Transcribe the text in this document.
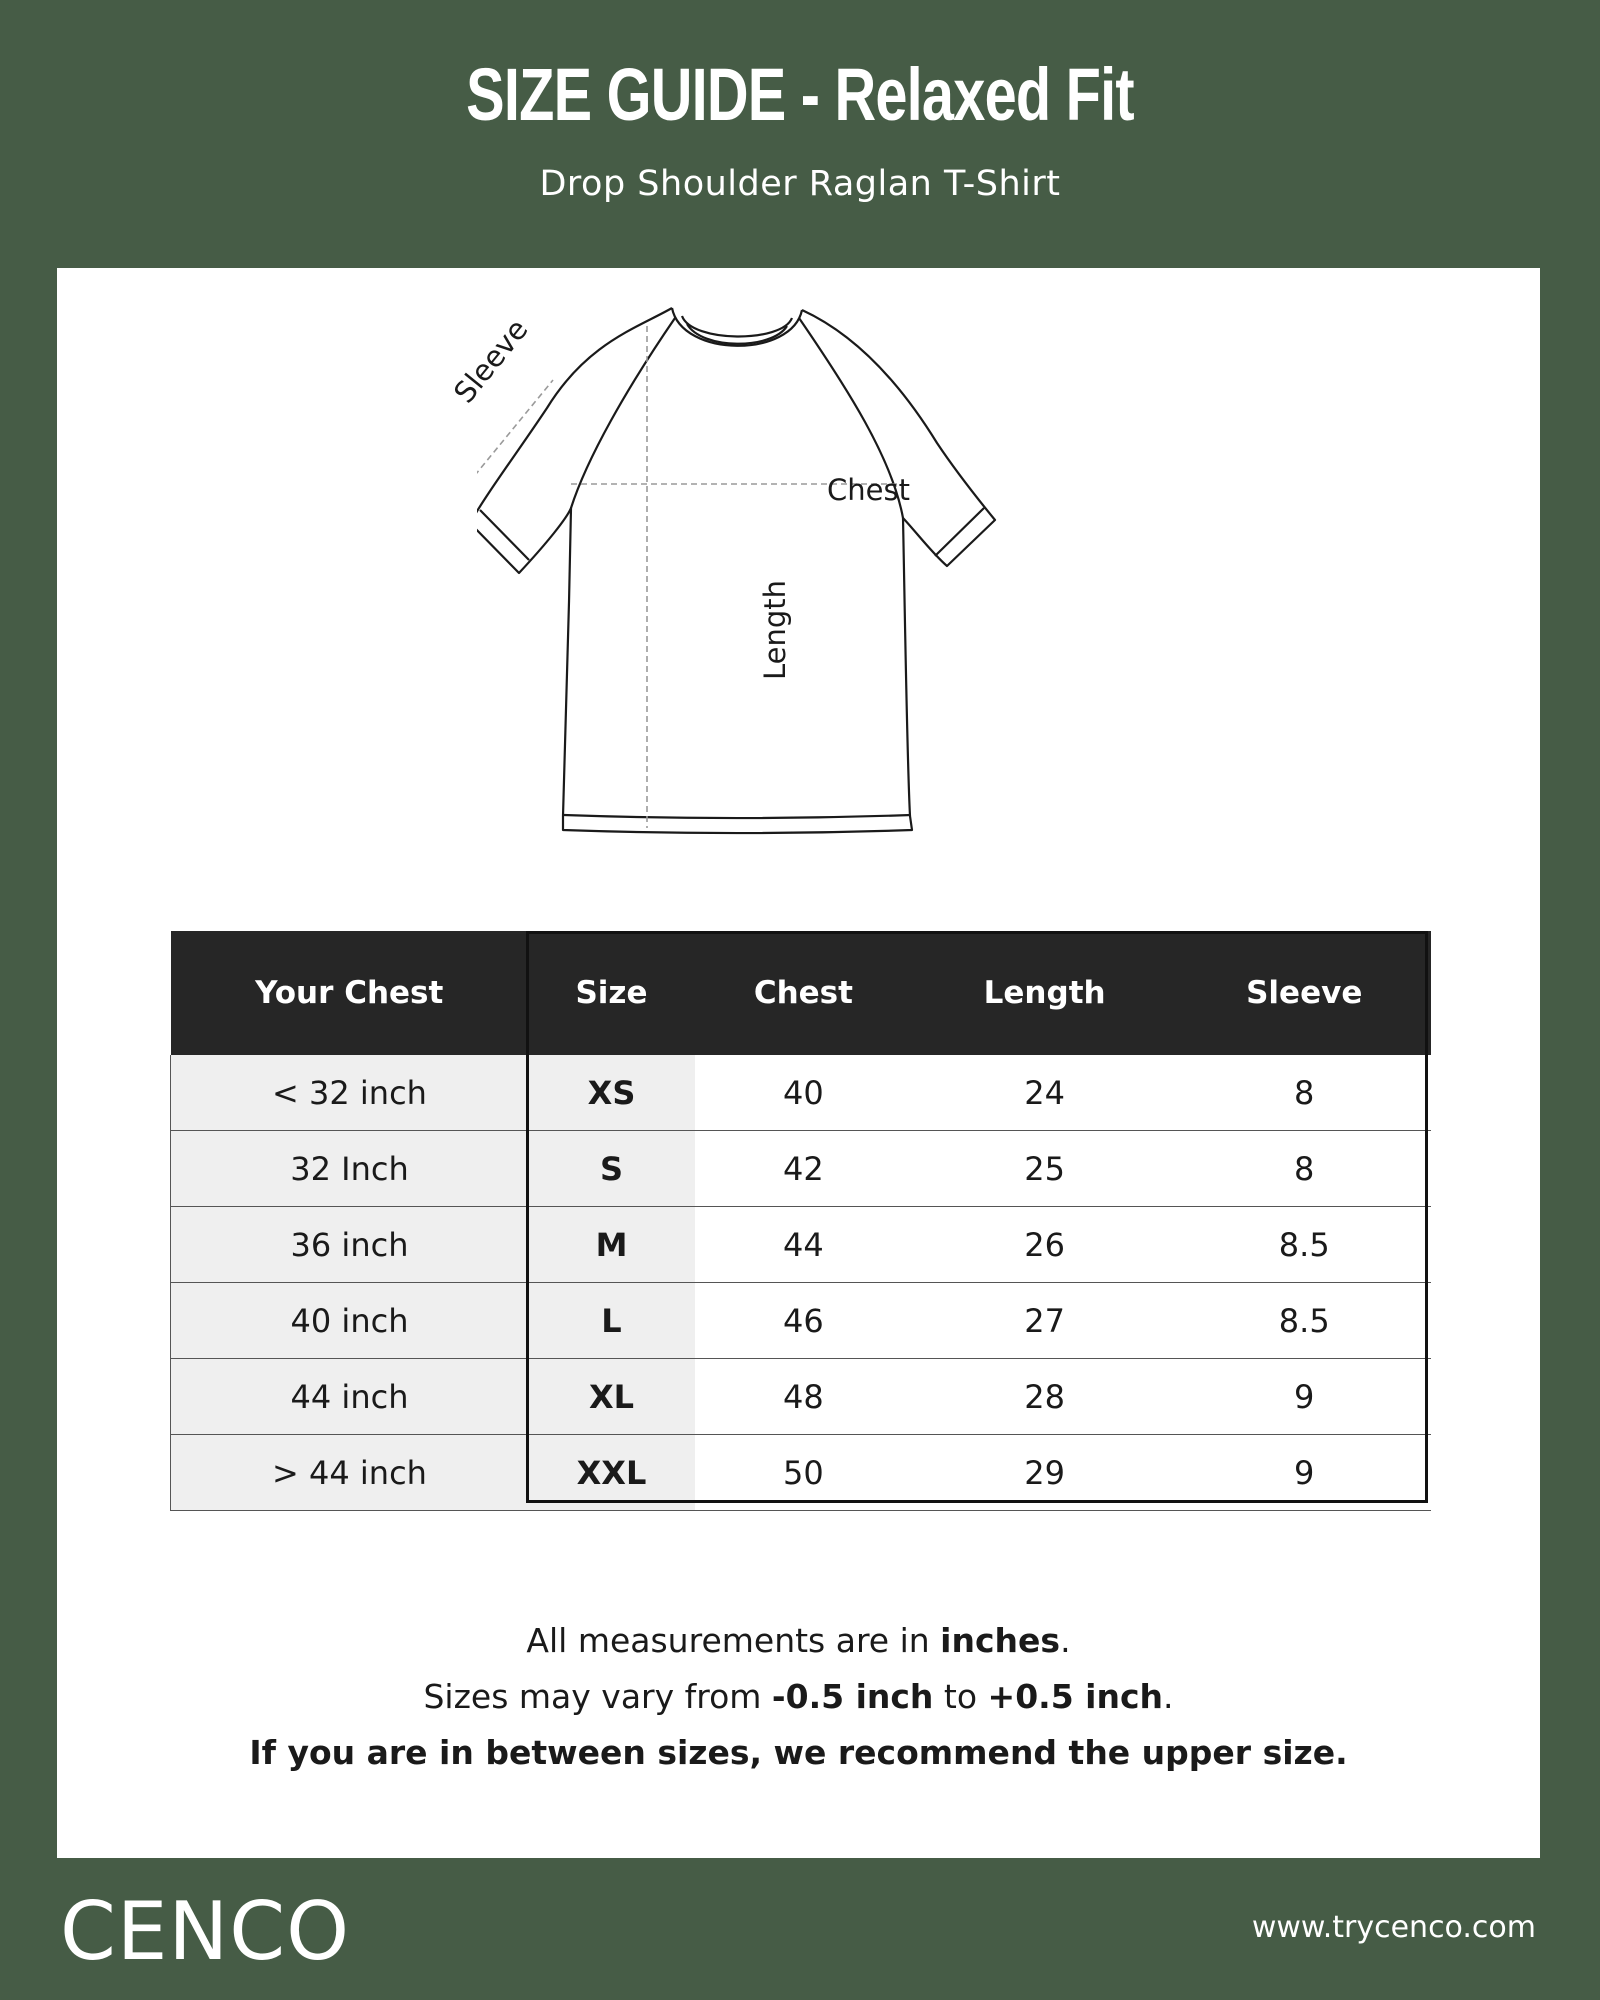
SIZE GUIDE - Relaxed Fit
Drop Shoulder Raglan T-Shirt
Sleeve
Chest
Length
Your Chest	Size	Chest	Length	Sleeve
< 32 inch	XS	40	24	8
32 Inch	S	42	25	8
36 inch	M	44	26	8.5
40 inch	L	46	27	8.5
44 inch	XL	48	28	9
> 44 inch	XXL	50	29	9
All measurements are in inches.
Sizes may vary from -0.5 inch to +0.5 inch.
If you are in between sizes, we recommend the upper size.
CENCO	www.trycenco.com
